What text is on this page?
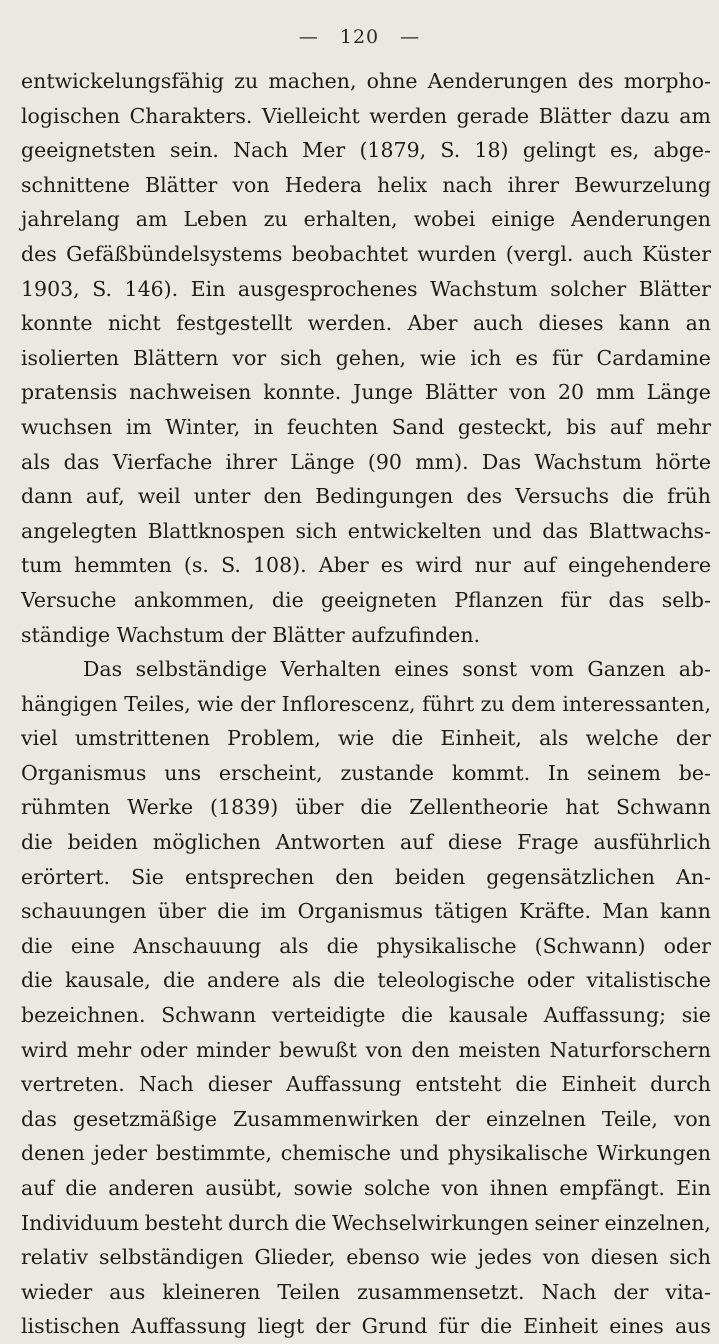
— 120 —
entwickelungsfähig zu machen, ohne Aenderungen des morpho-
logischen Charakters. Vielleicht werden gerade Blätter dazu am
geeignetsten sein. Nach Mer (1879, S. 18) gelingt es, abge-
schnittene Blätter von Hedera helix nach ihrer Bewurzelung
jahrelang am Leben zu erhalten, wobei einige Aenderungen
des Gefäßbündelsystems beobachtet wurden (vergl. auch Küster
1903, S. 146). Ein ausgesprochenes Wachstum solcher Blätter
konnte nicht festgestellt werden. Aber auch dieses kann an
isolierten Blättern vor sich gehen, wie ich es für Cardamine
pratensis nachweisen konnte. Junge Blätter von 20 mm Länge
wuchsen im Winter, in feuchten Sand gesteckt, bis auf mehr
als das Vierfache ihrer Länge (90 mm). Das Wachstum hörte
dann auf, weil unter den Bedingungen des Versuchs die früh
angelegten Blattknospen sich entwickelten und das Blattwachs-
tum hemmten (s. S. 108). Aber es wird nur auf eingehendere
Versuche ankommen, die geeigneten Pflanzen für das selb-
ständige
Wachstum
der
Blätter
aufzufinden.
Das selbständige Verhalten eines sonst vom Ganzen ab-
hängigen Teiles, wie der Inflorescenz, führt zu dem interessanten,
viel umstrittenen Problem, wie die Einheit, als welche der
Organismus uns erscheint, zustande kommt. In seinem be-
rühmten Werke (1839) über die Zellentheorie hat Schwann
die beiden möglichen Antworten auf diese Frage ausführlich
erörtert. Sie entsprechen den beiden gegensätzlichen An-
schauungen über die im Organismus tätigen Kräfte. Man kann
die eine Anschauung als die physikalische (Schwann) oder
die kausale, die andere als die teleologische oder vitalistische
bezeichnen. Schwann verteidigte die kausale Auffassung; sie
wird mehr oder minder bewußt von den meisten Naturforschern
vertreten. Nach dieser Auffassung entsteht die Einheit durch
das gesetzmäßige Zusammenwirken der einzelnen Teile, von
denen jeder bestimmte, chemische und physikalische Wirkungen
auf die anderen ausübt, sowie solche von ihnen empfängt. Ein
Individuum besteht durch die Wechselwirkungen seiner einzelnen,
relativ selbständigen Glieder, ebenso wie jedes von diesen sich
wieder aus kleineren Teilen zusammensetzt. Nach der vita-
listischen Auffassung liegt der Grund für die Einheit eines aus
